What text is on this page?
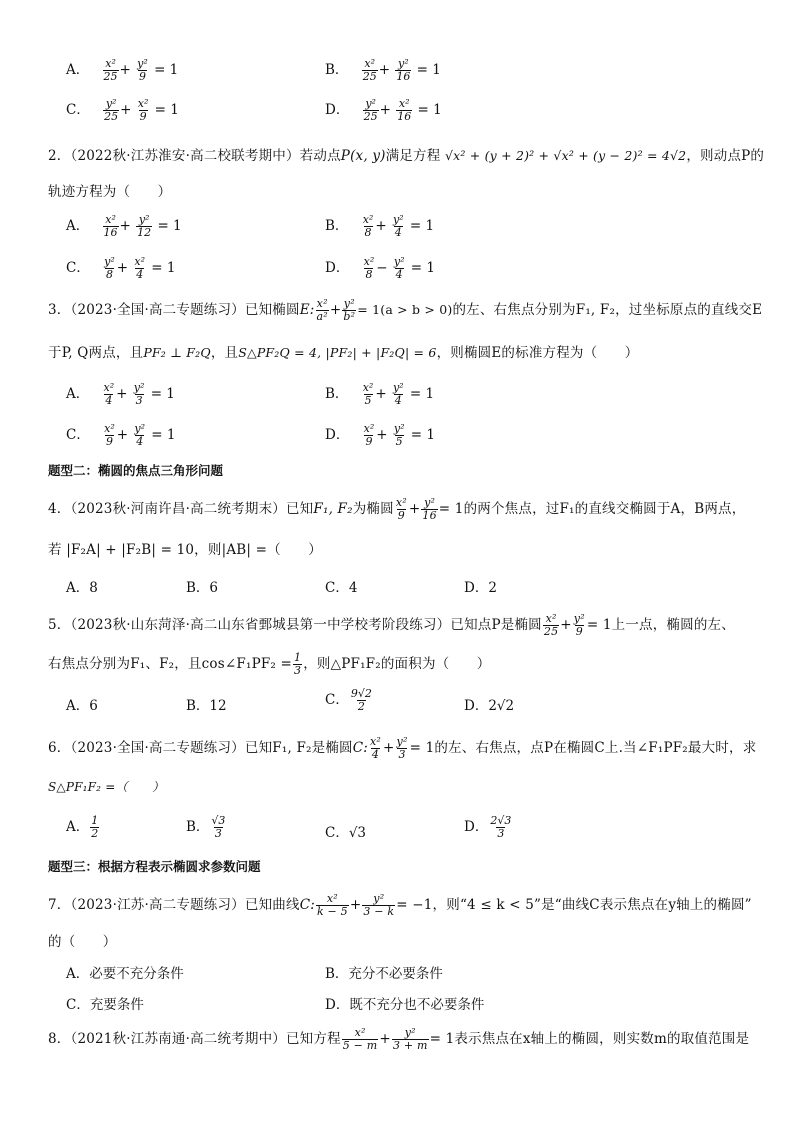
A． $\frac{\text{x²}}{25} + \frac{\text{y²}}{9} = 1$	B． $\frac{\text{x²}}{25} + \frac{\text{y²}}{16} = 1$
C． $\frac{\text{y²}}{25} + \frac{\text{x²}}{9} = 1$	D． $\frac{\text{y²}}{25} + \frac{\text{x²}}{16} = 1$
2．（2022秋·江苏淮安·高二校联考期中）若动点P(x, y)满足方程 √x² + (y + 2)² + √x² + (y − 2)² = 4√2，则动点P的
轨迹方程为（　　）
A． $\frac{\text{x²}}{16} + \frac{\text{y²}}{12} = 1$	B． $\frac{\text{x²}}{8} + \frac{\text{y²}}{4} = 1$
C． $\frac{\text{y²}}{8} + \frac{\text{x²}}{4} = 1$	D． $\frac{\text{x²}}{8} - \frac{\text{y²}}{4} = 1$
3．（2023·全国·高二专题练习）已知椭圆E: $\frac{\text{x²}}{\text{a²}} + \frac{\text{y²}}{\text{b²}} = 1(a > b > 0)$的左、右焦点分别为F₁, F₂，过坐标原点的直线交E
于P, Q两点，且PF₂ ⊥ F₂Q，且S△PF₂Q = 4, |PF₂| + |F₂Q| = 6，则椭圆E的标准方程为（　　）
A． $\frac{\text{x²}}{4} + \frac{\text{y²}}{3} = 1$	B． $\frac{\text{x²}}{5} + \frac{\text{y²}}{4} = 1$
C． $\frac{\text{x²}}{9} + \frac{\text{y²}}{4} = 1$	D． $\frac{\text{x²}}{9} + \frac{\text{y²}}{5} = 1$
题型二：椭圆的焦点三角形问题
4．（2023秋·河南许昌·高二统考期末）已知F₁, F₂为椭圆 $\frac{\text{x²}}{9} + \frac{\text{y²}}{16} = 1$的两个焦点，过F₁的直线交椭圆于A，B两点，
若 |F₂A| + |F₂B| = 10，则|AB| =（　　）
A．8	B．6	C．4	D．2
5．（2023秋·山东菏泽·高二山东省鄄城县第一中学校考阶段练习）已知点P是椭圆 $\frac{\text{x²}}{25} + \frac{\text{y²}}{9} = 1$上一点，椭圆的左、
右焦点分别为F₁、F₂，且cos∠F₁PF₂ = $\frac{1}{3}$ ，则△PF₁F₂的面积为（　　）
A．6	B．12	C． $\frac{9√2}{2}$	D．2√2
6．（2023·全国·高二专题练习）已知F₁, F₂是椭圆C: $\frac{\text{x²}}{4} + \frac{\text{y²}}{3} = 1$的左、右焦点，点P在椭圆C上.当∠F₁PF₂最大时，求
S△PF₁F₂ =（　　）
A． $\frac{1}{2}$	B． $\frac{√3}{3}$	C．√3	D． $\frac{2√3}{3}$
题型三：根据方程表示椭圆求参数问题
7．（2023·江苏·高二专题练习）已知曲线C: $\frac{\text{x²}}{k - 5} + \frac{\text{y²}}{3 - k} = -1$，则“4 ≤ k < 5”是“曲线C表示焦点在y轴上的椭圆”
的（　　）
A．必要不充分条件	B．充分不必要条件
C．充要条件	D．既不充分也不必要条件
8．（2021秋·江苏南通·高二统考期中）已知方程 $\frac{\text{x²}}{5 - m} + \frac{\text{y²}}{3 + m} = 1$表示焦点在x轴上的椭圆，则实数m的取值范围是
